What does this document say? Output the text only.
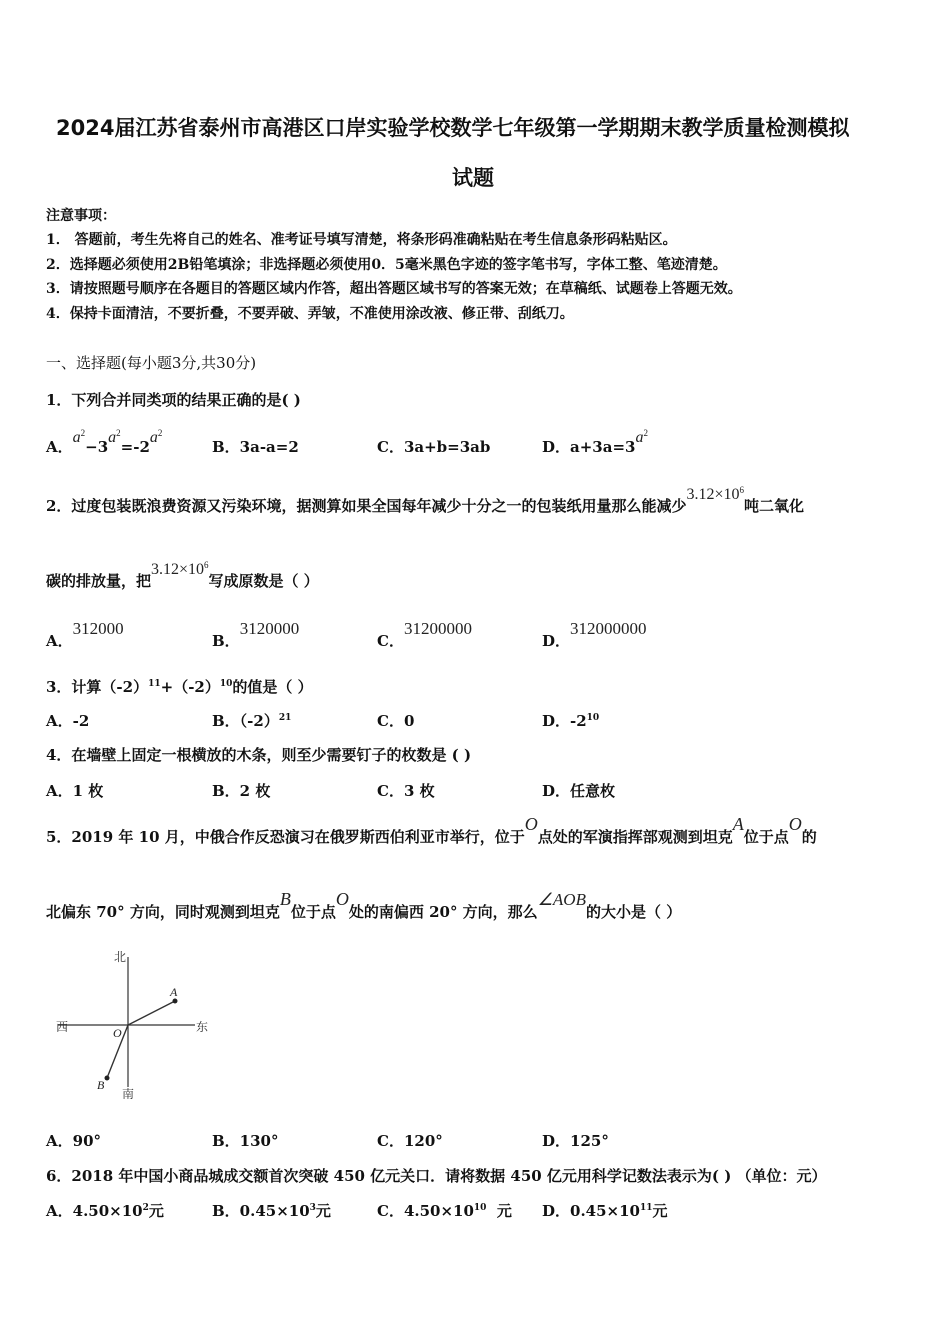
2024届江苏省泰州市高港区口岸实验学校数学七年级第一学期期末教学质量检测模拟
试题
注意事项：
1． 答题前，考生先将自己的姓名、准考证号填写清楚，将条形码准确粘贴在考生信息条形码粘贴区。
2．选择题必须使用2B铅笔填涂；非选择题必须使用0．5毫米黑色字迹的签字笔书写，字体工整、笔迹清楚。
3．请按照题号顺序在各题目的答题区域内作答，超出答题区域书写的答案无效；在草稿纸、试题卷上答题无效。
4．保持卡面清洁，不要折叠，不要弄破、弄皱，不准使用涂改液、修正带、刮纸刀。
一、选择题(每小题3分,共30分)
1．下列合并同类项的结果正确的是( )
A．$a^2-3a^2=-2a^2$
B．3a-a=2	C．3a+b=3ab	D．$a+3a=3a^2$
2．过度包装既浪费资源又污染环境，据测算如果全国每年减少十分之一的包装纸用量那么能减少$3.12\times 10^6$吨二氧化
碳的排放量，把$3.12\times 10^6$写成原数是（ ）
A．312000
B．3120000
C．31200000
D．312000000
3．计算$(-2)^{11}+(-2)^{10}$的值是（ ）
A．-2	B．$(-2)^{21}$	C．0	D．$-2^{10}$
4．在墙壁上固定一根横放的木条，则至少需要钉子的枚数是 ( )
A．1 枚	B．2 枚	C．3 枚	D．任意枚
5．2019 年 10 月，中俄合作反恐演习在俄罗斯西伯利亚市举行，位于O点处的军演指挥部观测到坦克A位于点O的
北偏东 70° 方向，同时观测到坦克B位于点O处的南偏西 20° 方向，那么∠AOB的大小是（ ）
北
南
西	东
A
B
O
A．90°	B．130°	C．120°	D．125°
6．2018 年中国小商品城成交额首次突破 450 亿元关口．请将数据 450 亿元用科学记数法表示为( ) （单位：元）
A．$4.50\times 10^2$元	B．$0.45\times 10^3$元	C．$4.50\times 10^{10}$  元 D．$0.45\times 10^{11}$元
